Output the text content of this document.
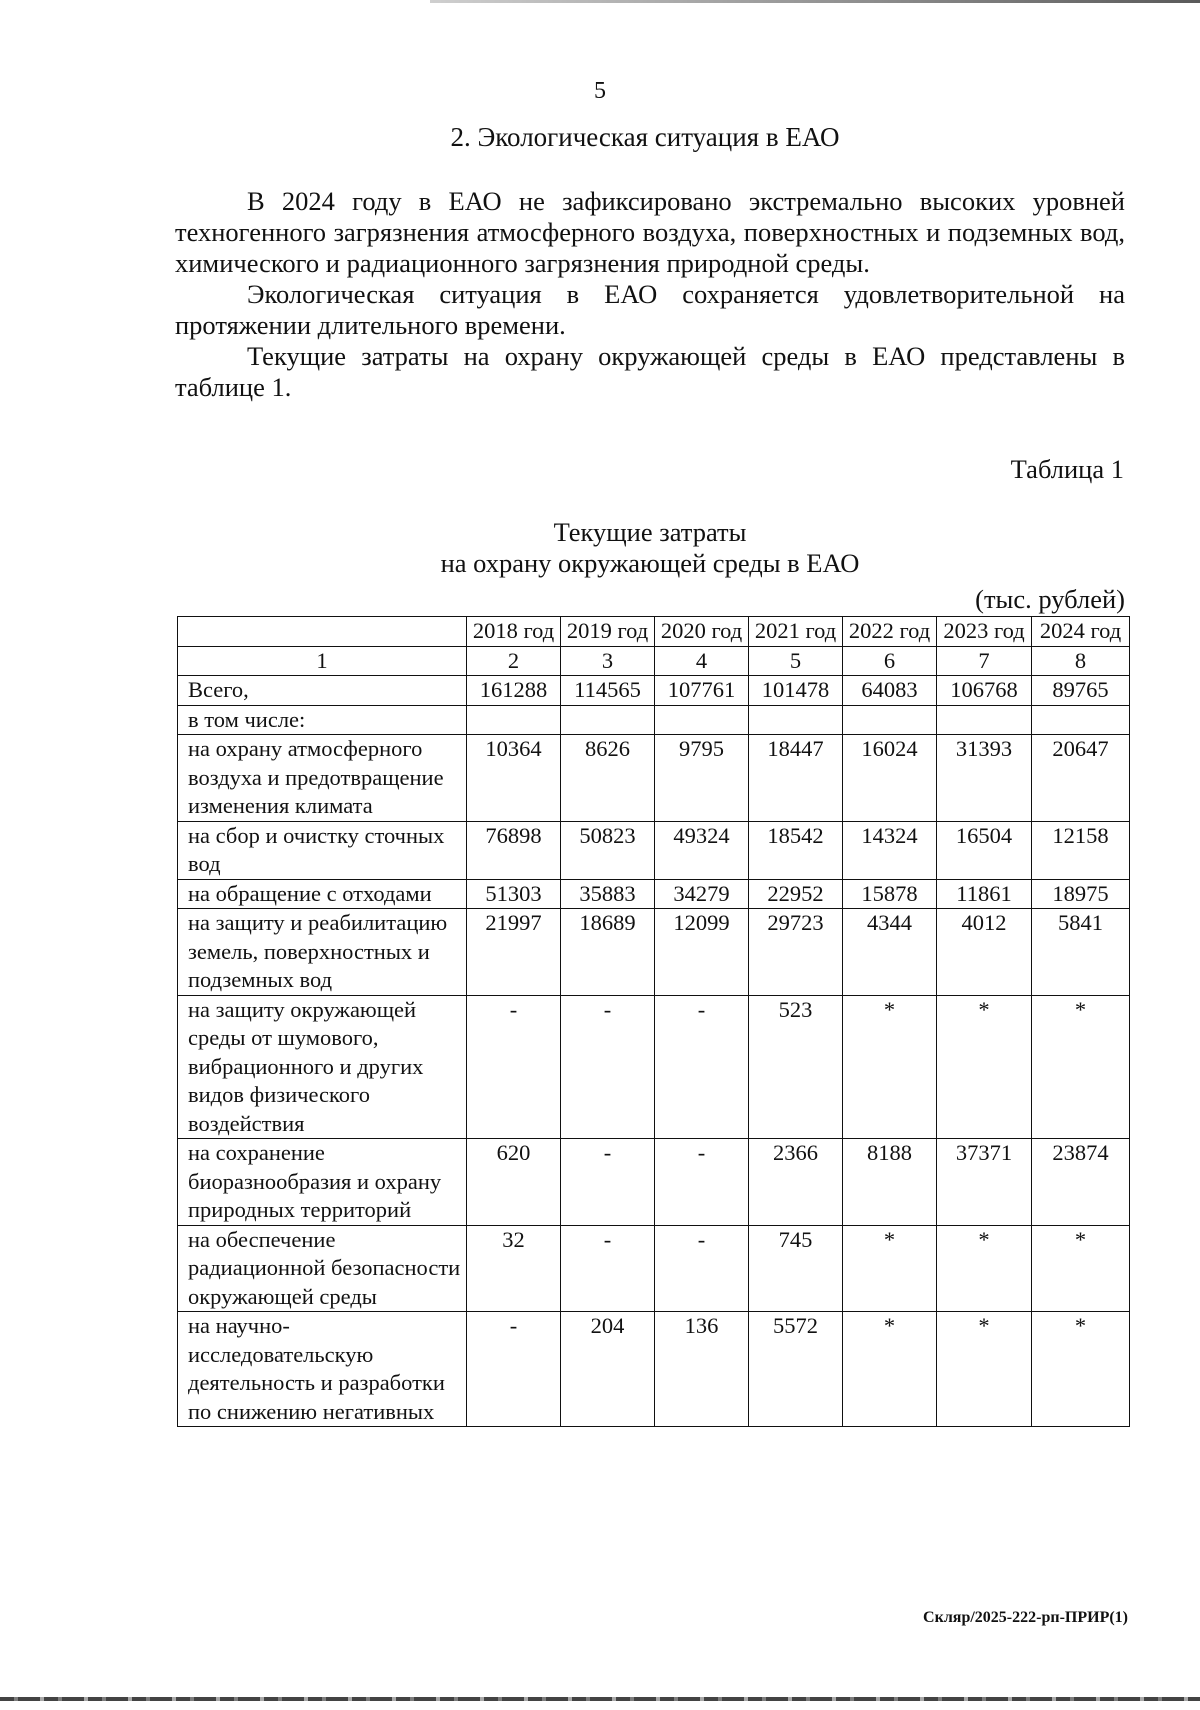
5
2. Экологическая ситуация в ЕАО

В 2024 году в ЕАО не зафиксировано экстремально высоких уровней техногенного загрязнения атмосферного воздуха, поверхностных и подземных вод, химического и радиационного загрязнения природной среды.

Экологическая ситуация в ЕАО сохраняется удовлетворительной на протяжении длительного времени.

Текущие затраты на охрану окружающей среды в ЕАО представлены в таблице 1.

Таблица 1
Текущие затраты
на охрану окружающей среды в ЕАО
(тыс. рублей)
	2018 год	2019 год	2020 год	2021 год	2022 год	2023 год	2024 год
1	2	3	4	5	6	7	8
Всего,	161288	114565	107761	101478	64083	106768	89765
в том числе:							
на охрану атмосферного воздуха и предотвращение изменения климата	10364	8626	9795	18447	16024	31393	20647
на сбор и очистку сточных вод	76898	50823	49324	18542	14324	16504	12158
на обращение с отходами	51303	35883	34279	22952	15878	11861	18975
на защиту и реабилитацию земель, поверхностных и подземных вод	21997	18689	12099	29723	4344	4012	5841
на защиту окружающей среды от шумового, вибрационного и других видов физического воздействия	-	-	-	523	*	*	*
на сохранение биоразнообразия и охрану природных территорий	620	-	-	2366	8188	37371	23874
на обеспечение радиационной безопасности окружающей среды	32	-	-	745	*	*	*
на научно-исследовательскую деятельность и разработки по снижению негативных	-	204	136	5572	*	*	*
Скляр/2025-222-рп-ПРИР(1)
